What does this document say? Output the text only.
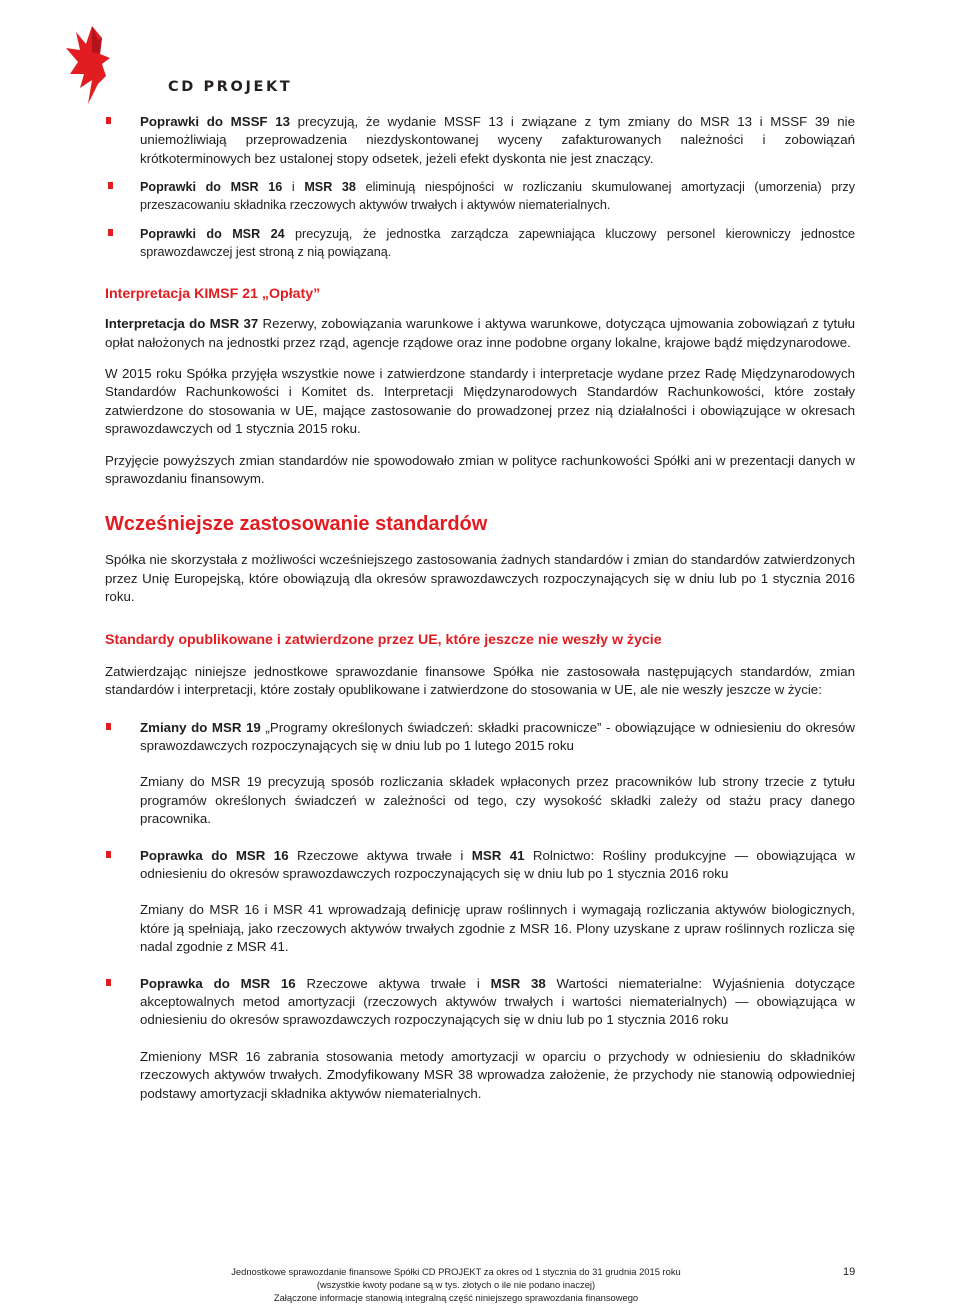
CD PROJEKT

Poprawki do MSSF 13 precyzują, że wydanie MSSF 13 i związane z tym zmiany do MSR 13 i MSSF 39 nie uniemożliwiają przeprowadzenia niezdyskontowanej wyceny zafakturowanych należności i zobowiązań krótkoterminowych bez ustalonej stopy odsetek, jeżeli efekt dyskonta nie jest znaczący.

Poprawki do MSR 16 i MSR 38 eliminują niespójności w rozliczaniu skumulowanej amortyzacji (umorzenia) przy przeszacowaniu składnika rzeczowych aktywów trwałych i aktywów niematerialnych.

Poprawki do MSR 24 precyzują, że jednostka zarządcza zapewniająca kluczowy personel kierowniczy jednostce sprawozdawczej jest stroną z nią powiązaną.

Interpretacja KIMSF 21 „Opłaty”

Interpretacja do MSR 37 Rezerwy, zobowiązania warunkowe i aktywa warunkowe, dotycząca ujmowania zobowiązań z tytułu opłat nałożonych na jednostki przez rząd, agencje rządowe oraz inne podobne organy lokalne, krajowe bądź międzynarodowe.

W 2015 roku Spółka przyjęła wszystkie nowe i zatwierdzone standardy i interpretacje wydane przez Radę Międzynarodowych Standardów Rachunkowości i Komitet ds. Interpretacji Międzynarodowych Standardów Rachunkowości, które zostały zatwierdzone do stosowania w UE, mające zastosowanie do prowadzonej przez nią działalności i obowiązujące w okresach sprawozdawczych od 1 stycznia 2015 roku.

Przyjęcie powyższych zmian standardów nie spowodowało zmian w polityce rachunkowości Spółki ani w prezentacji danych w sprawozdaniu finansowym.

Wcześniejsze zastosowanie standardów

Spółka nie skorzystała z możliwości wcześniejszego zastosowania żadnych standardów i zmian do standardów zatwierdzonych przez Unię Europejską, które obowiązują dla okresów sprawozdawczych rozpoczynających się w dniu lub po 1 stycznia 2016 roku.

Standardy opublikowane i zatwierdzone przez UE, które jeszcze nie weszły w życie

Zatwierdzając niniejsze jednostkowe sprawozdanie finansowe Spółka nie zastosowała następujących standardów, zmian standardów i interpretacji, które zostały opublikowane i zatwierdzone do stosowania w UE, ale nie weszły jeszcze w życie:

Zmiany do MSR 19 „Programy określonych świadczeń: składki pracownicze” - obowiązujące w odniesieniu do okresów sprawozdawczych rozpoczynających się w dniu lub po 1 lutego 2015 roku

Zmiany do MSR 19 precyzują sposób rozliczania składek wpłaconych przez pracowników lub strony trzecie z tytułu programów określonych świadczeń w zależności od tego, czy wysokość składki zależy od stażu pracy danego pracownika.

Poprawka do MSR 16 Rzeczowe aktywa trwałe i MSR 41 Rolnictwo: Rośliny produkcyjne — obowiązująca w odniesieniu do okresów sprawozdawczych rozpoczynających się w dniu lub po 1 stycznia 2016 roku

Zmiany do MSR 16 i MSR 41 wprowadzają definicję upraw roślinnych i wymagają rozliczania aktywów biologicznych, które ją spełniają, jako rzeczowych aktywów trwałych zgodnie z MSR 16. Plony uzyskane z upraw roślinnych rozlicza się nadal zgodnie z MSR 41.

Poprawka do MSR 16 Rzeczowe aktywa trwałe i MSR 38 Wartości niematerialne: Wyjaśnienia dotyczące akceptowalnych metod amortyzacji (rzeczowych aktywów trwałych i wartości niematerialnych) — obowiązująca w odniesieniu do okresów sprawozdawczych rozpoczynających się w dniu lub po 1 stycznia 2016 roku

Zmieniony MSR 16 zabrania stosowania metody amortyzacji w oparciu o przychody w odniesieniu do składników rzeczowych aktywów trwałych. Zmodyfikowany MSR 38 wprowadza założenie, że przychody nie stanowią odpowiedniej podstawy amortyzacji składnika aktywów niematerialnych.

Jednostkowe sprawozdanie finansowe Spółki CD PROJEKT za okres od 1 stycznia do 31 grudnia 2015 roku
(wszystkie kwoty podane są w tys. złotych o ile nie podano inaczej)
Załączone informacje stanowią integralną część niniejszego sprawozdania finansowego
19
